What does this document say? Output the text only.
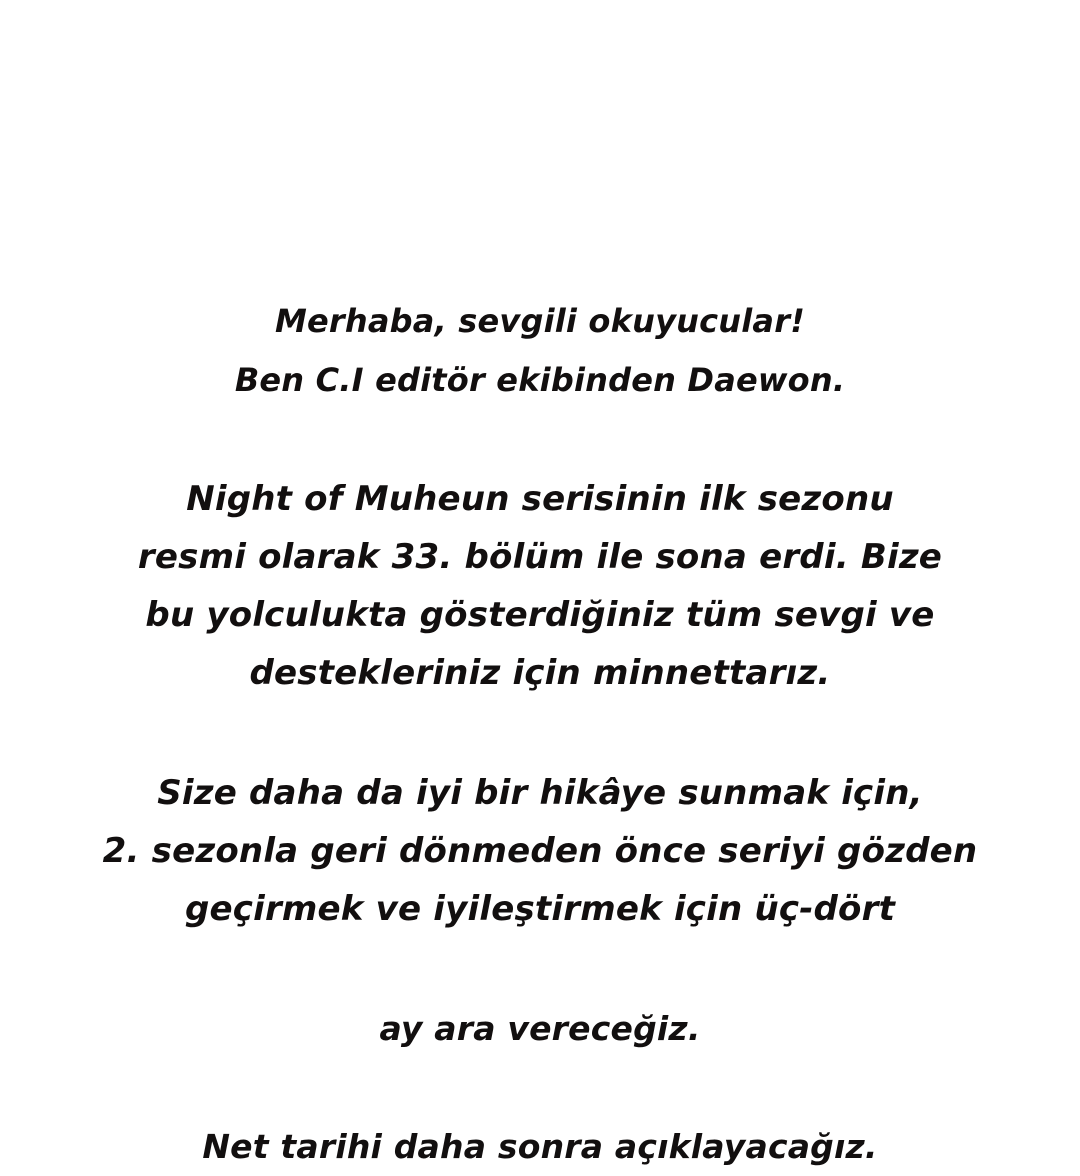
Merhaba, sevgili okuyucular!

Ben C.I editör ekibinden Daewon.

Night of Muheun serisinin ilk sezonu

resmi olarak 33. bölüm ile sona erdi. Bize

bu yolculukta gösterdiğiniz tüm sevgi ve

destekleriniz için minnettarız.

Size daha da iyi bir hikâye sunmak için,

2. sezonla geri dönmeden önce seriyi gözden

geçirmek ve iyileştirmek için üç-dört

ay ara vereceğiz.

Net tarihi daha sonra açıklayacağız.
